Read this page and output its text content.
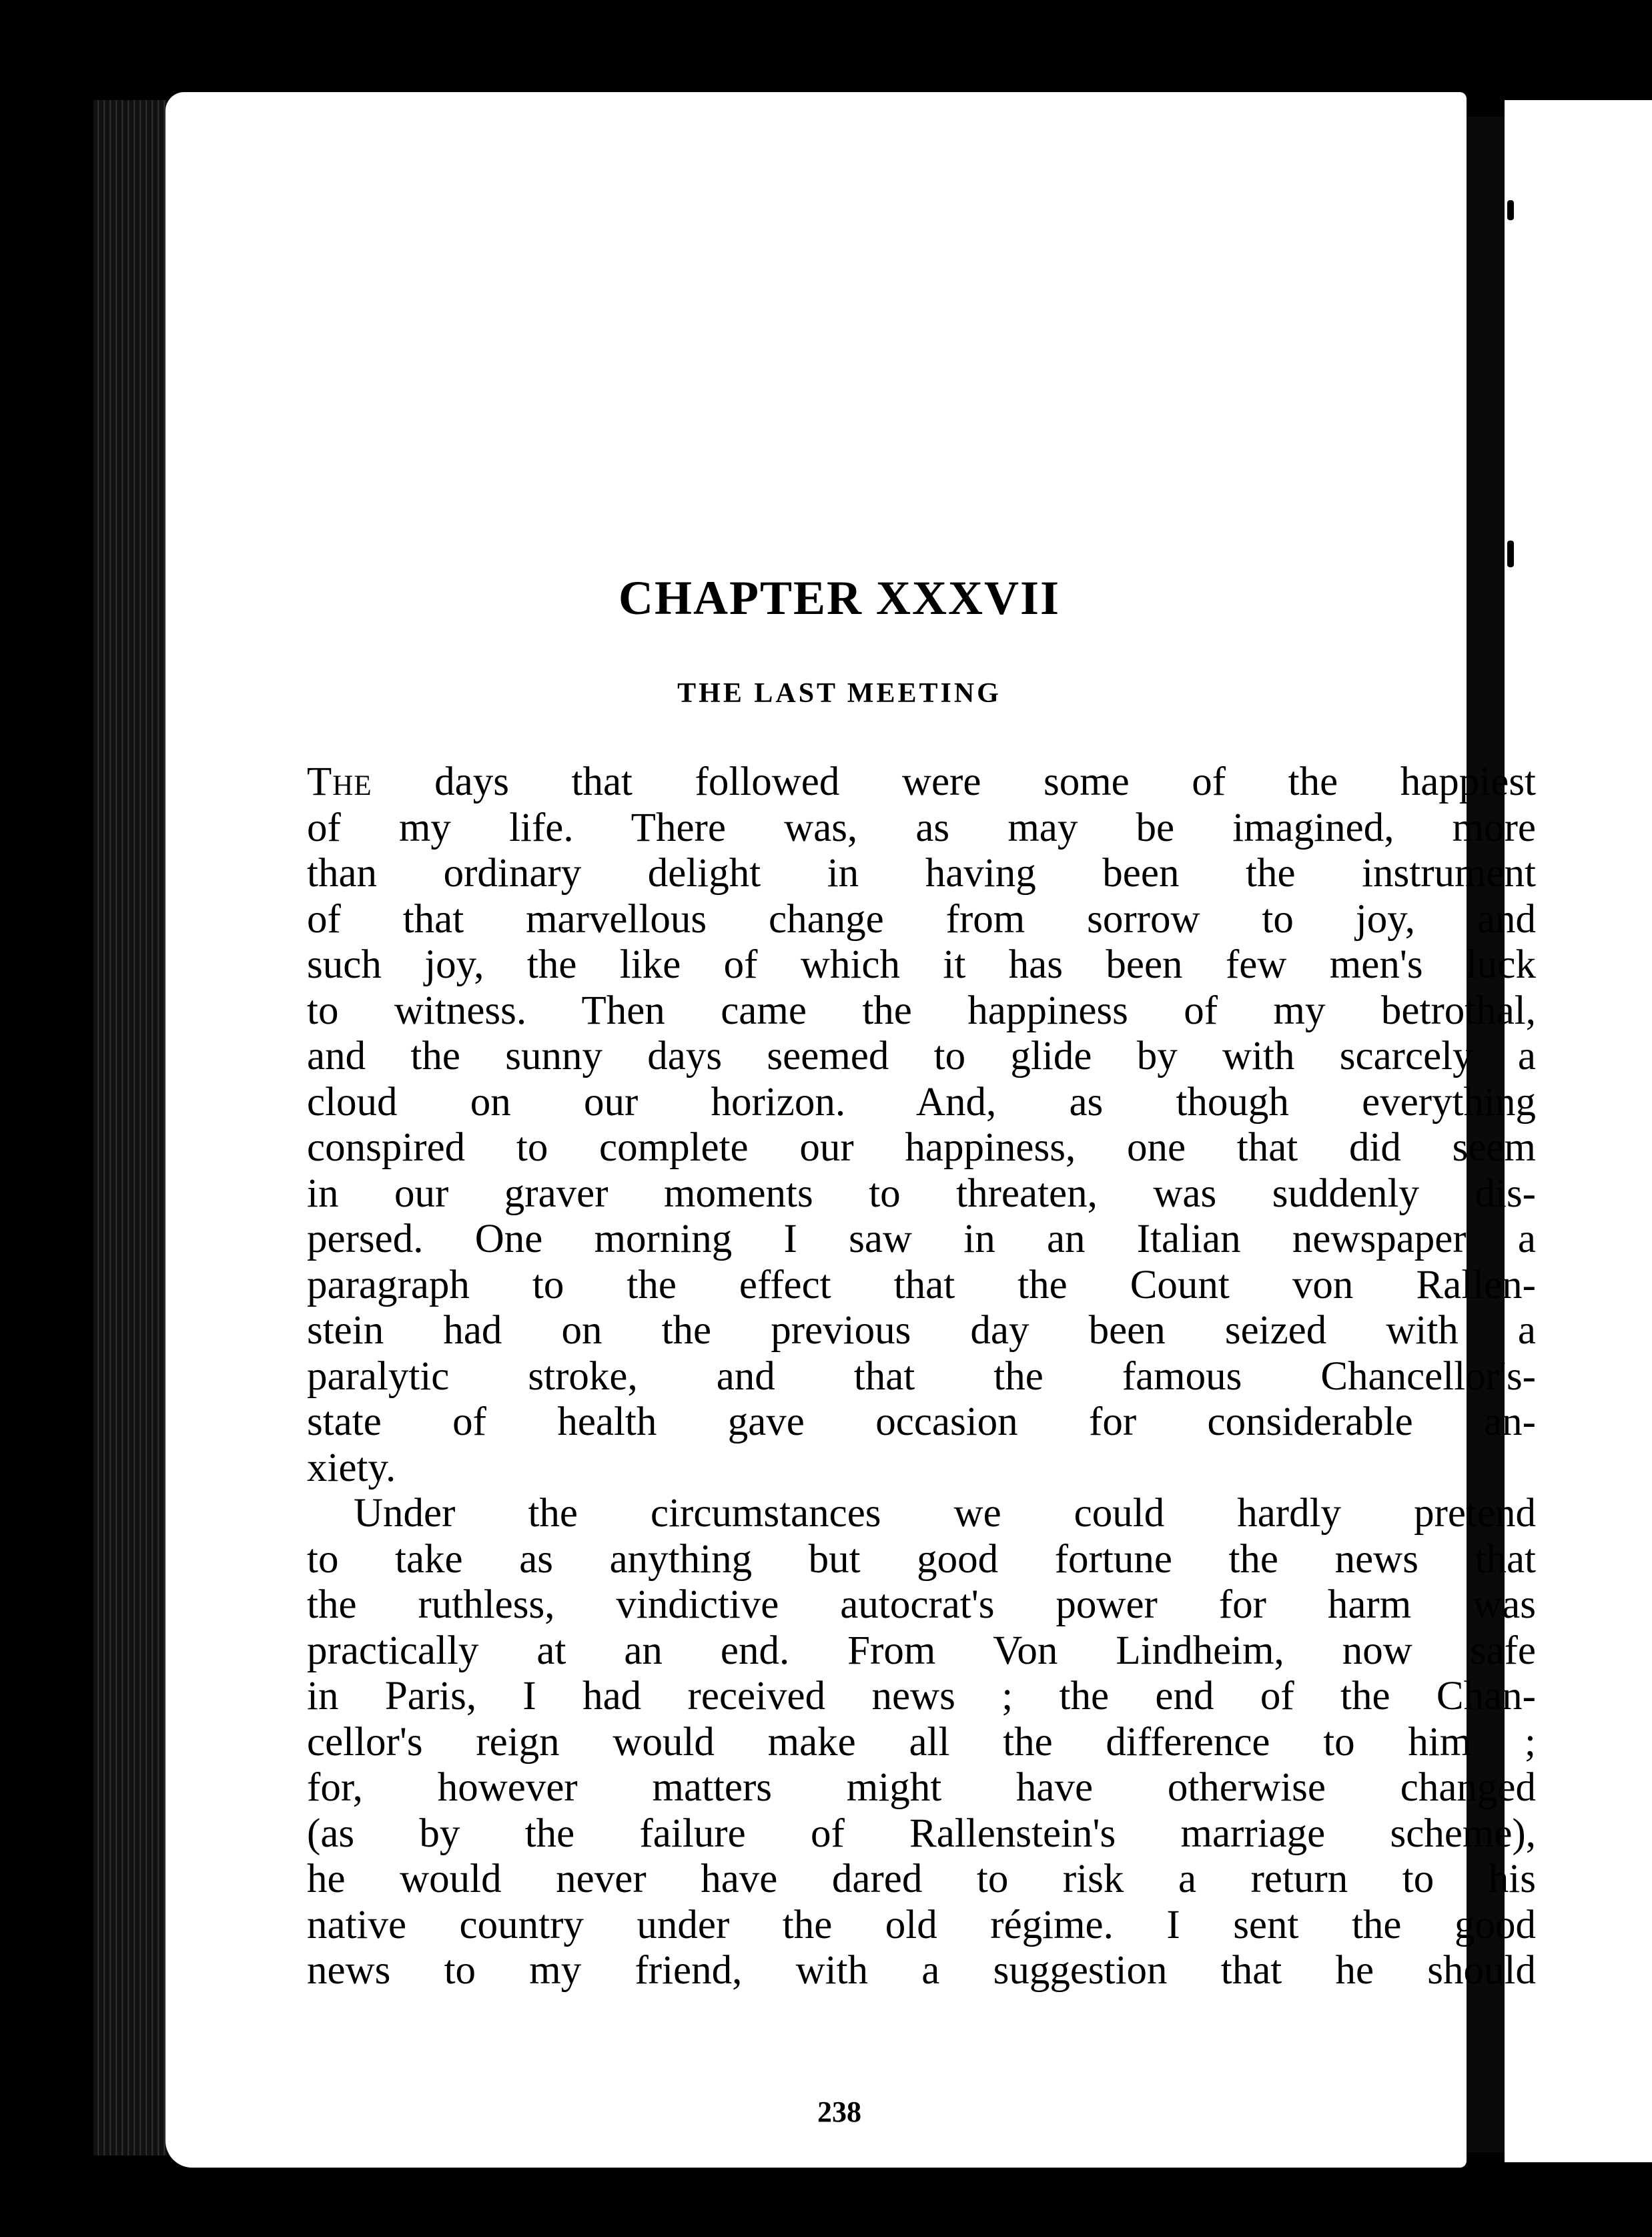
CHAPTER XXXVII
THE LAST MEETING
The days that followed were some of the happiest
of my life. There was, as may be imagined, more
than ordinary delight in having been the instrument
of that marvellous change from sorrow to joy, and
such joy, the like of which it has been few men's luck
to witness. Then came the happiness of my betrothal,
and the sunny days seemed to glide by with scarcely a
cloud on our horizon. And, as though everything
conspired to complete our happiness, one that did seem
in our graver moments to threaten, was suddenly dis-
persed. One morning I saw in an Italian newspaper a
paragraph to the effect that the Count von Rallen-
stein had on the previous day been seized with a
paralytic stroke, and that the famous Chancellor's-
state of health gave occasion for considerable an-
xiety.
Under the circumstances we could hardly pretend
to take as anything but good fortune the news that
the ruthless, vindictive autocrat's power for harm was
practically at an end. From Von Lindheim, now safe
in Paris, I had received news ; the end of the Chan-
cellor's reign would make all the difference to him ;
for, however matters might have otherwise changed
(as by the failure of Rallenstein's marriage scheme),
he would never have dared to risk a return to his
native country under the old régime. I sent the good
news to my friend, with a suggestion that he should
238
